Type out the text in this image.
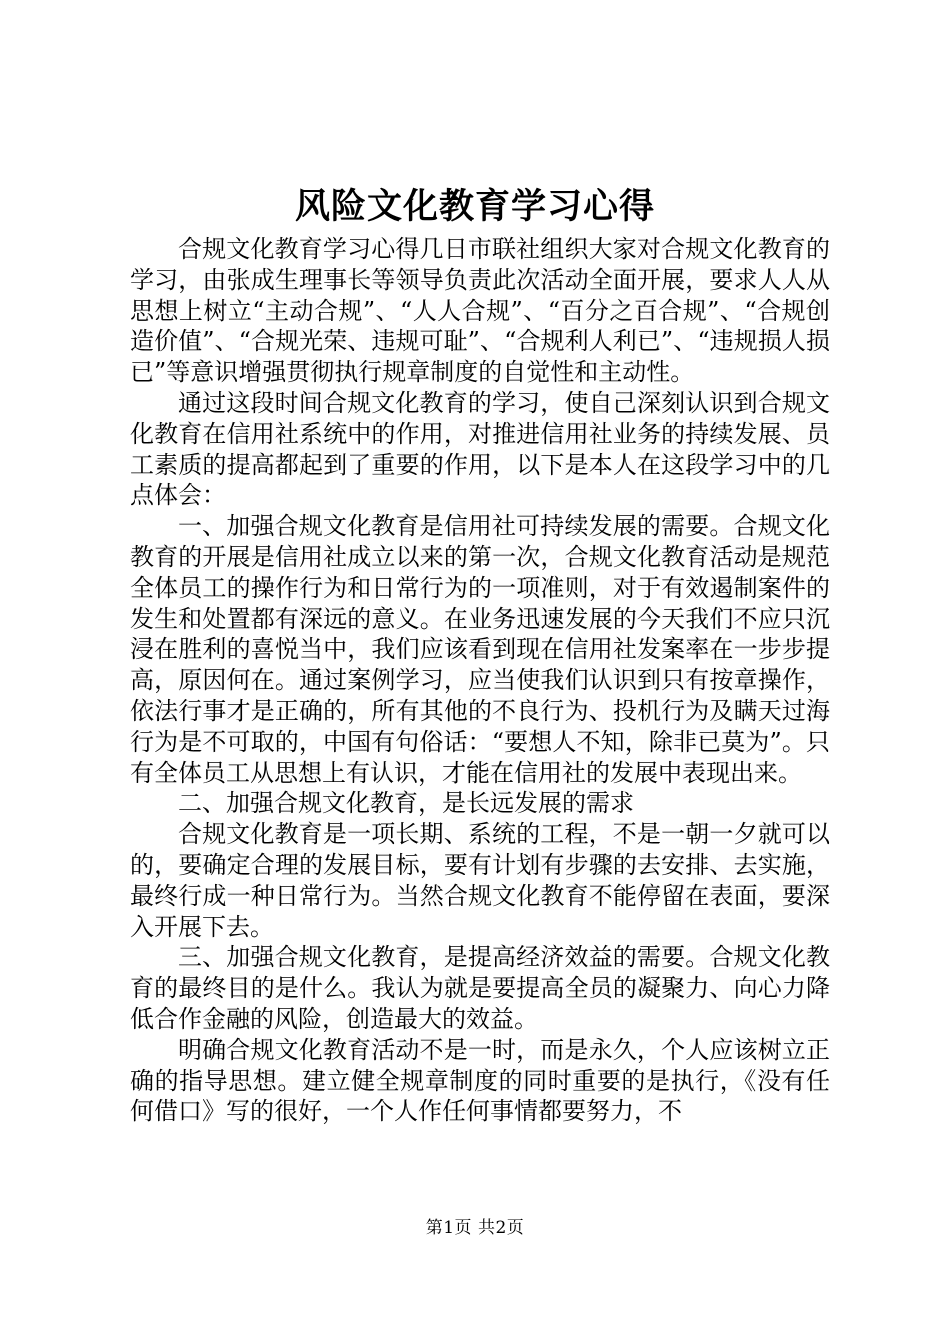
风险文化教育学习心得

合规文化教育学习心得几日市联社组织大家对合规文化教育的学习，由张成生理事长等领导负责此次活动全面开展，要求人人从思想上树立“主动合规”、“人人合规”、“百分之百合规”、“合规创造价值”、“合规光荣、违规可耻”、“合规利人利已”、“违规损人损已”等意识增强贯彻执行规章制度的自觉性和主动性。

通过这段时间合规文化教育的学习，使自己深刻认识到合规文化教育在信用社系统中的作用，对推进信用社业务的持续发展、员工素质的提高都起到了重要的作用，以下是本人在这段学习中的几点体会：

一、加强合规文化教育是信用社可持续发展的需要。合规文化教育的开展是信用社成立以来的第一次，合规文化教育活动是规范全体员工的操作行为和日常行为的一项准则，对于有效遏制案件的发生和处置都有深远的意义。在业务迅速发展的今天我们不应只沉浸在胜利的喜悦当中，我们应该看到现在信用社发案率在一步步提高，原因何在。通过案例学习，应当使我们认识到只有按章操作，依法行事才是正确的，所有其他的不良行为、投机行为及瞒天过海行为是不可取的，中国有句俗话：“要想人不知，除非已莫为”。只有全体员工从思想上有认识，才能在信用社的发展中表现出来。

二、加强合规文化教育，是长远发展的需求

合规文化教育是一项长期、系统的工程，不是一朝一夕就可以的，要确定合理的发展目标，要有计划有步骤的去安排、去实施，最终行成一种日常行为。当然合规文化教育不能停留在表面，要深入开展下去。

三、加强合规文化教育，是提高经济效益的需要。合规文化教育的最终目的是什么。我认为就是要提高全员的凝聚力、向心力降低合作金融的风险，创造最大的效益。

明确合规文化教育活动不是一时，而是永久，个人应该树立正确的指导思想。建立健全规章制度的同时重要的是执行，《没有任何借口》写的很好，一个人作任何事情都要努力，不

第1页 共2页
